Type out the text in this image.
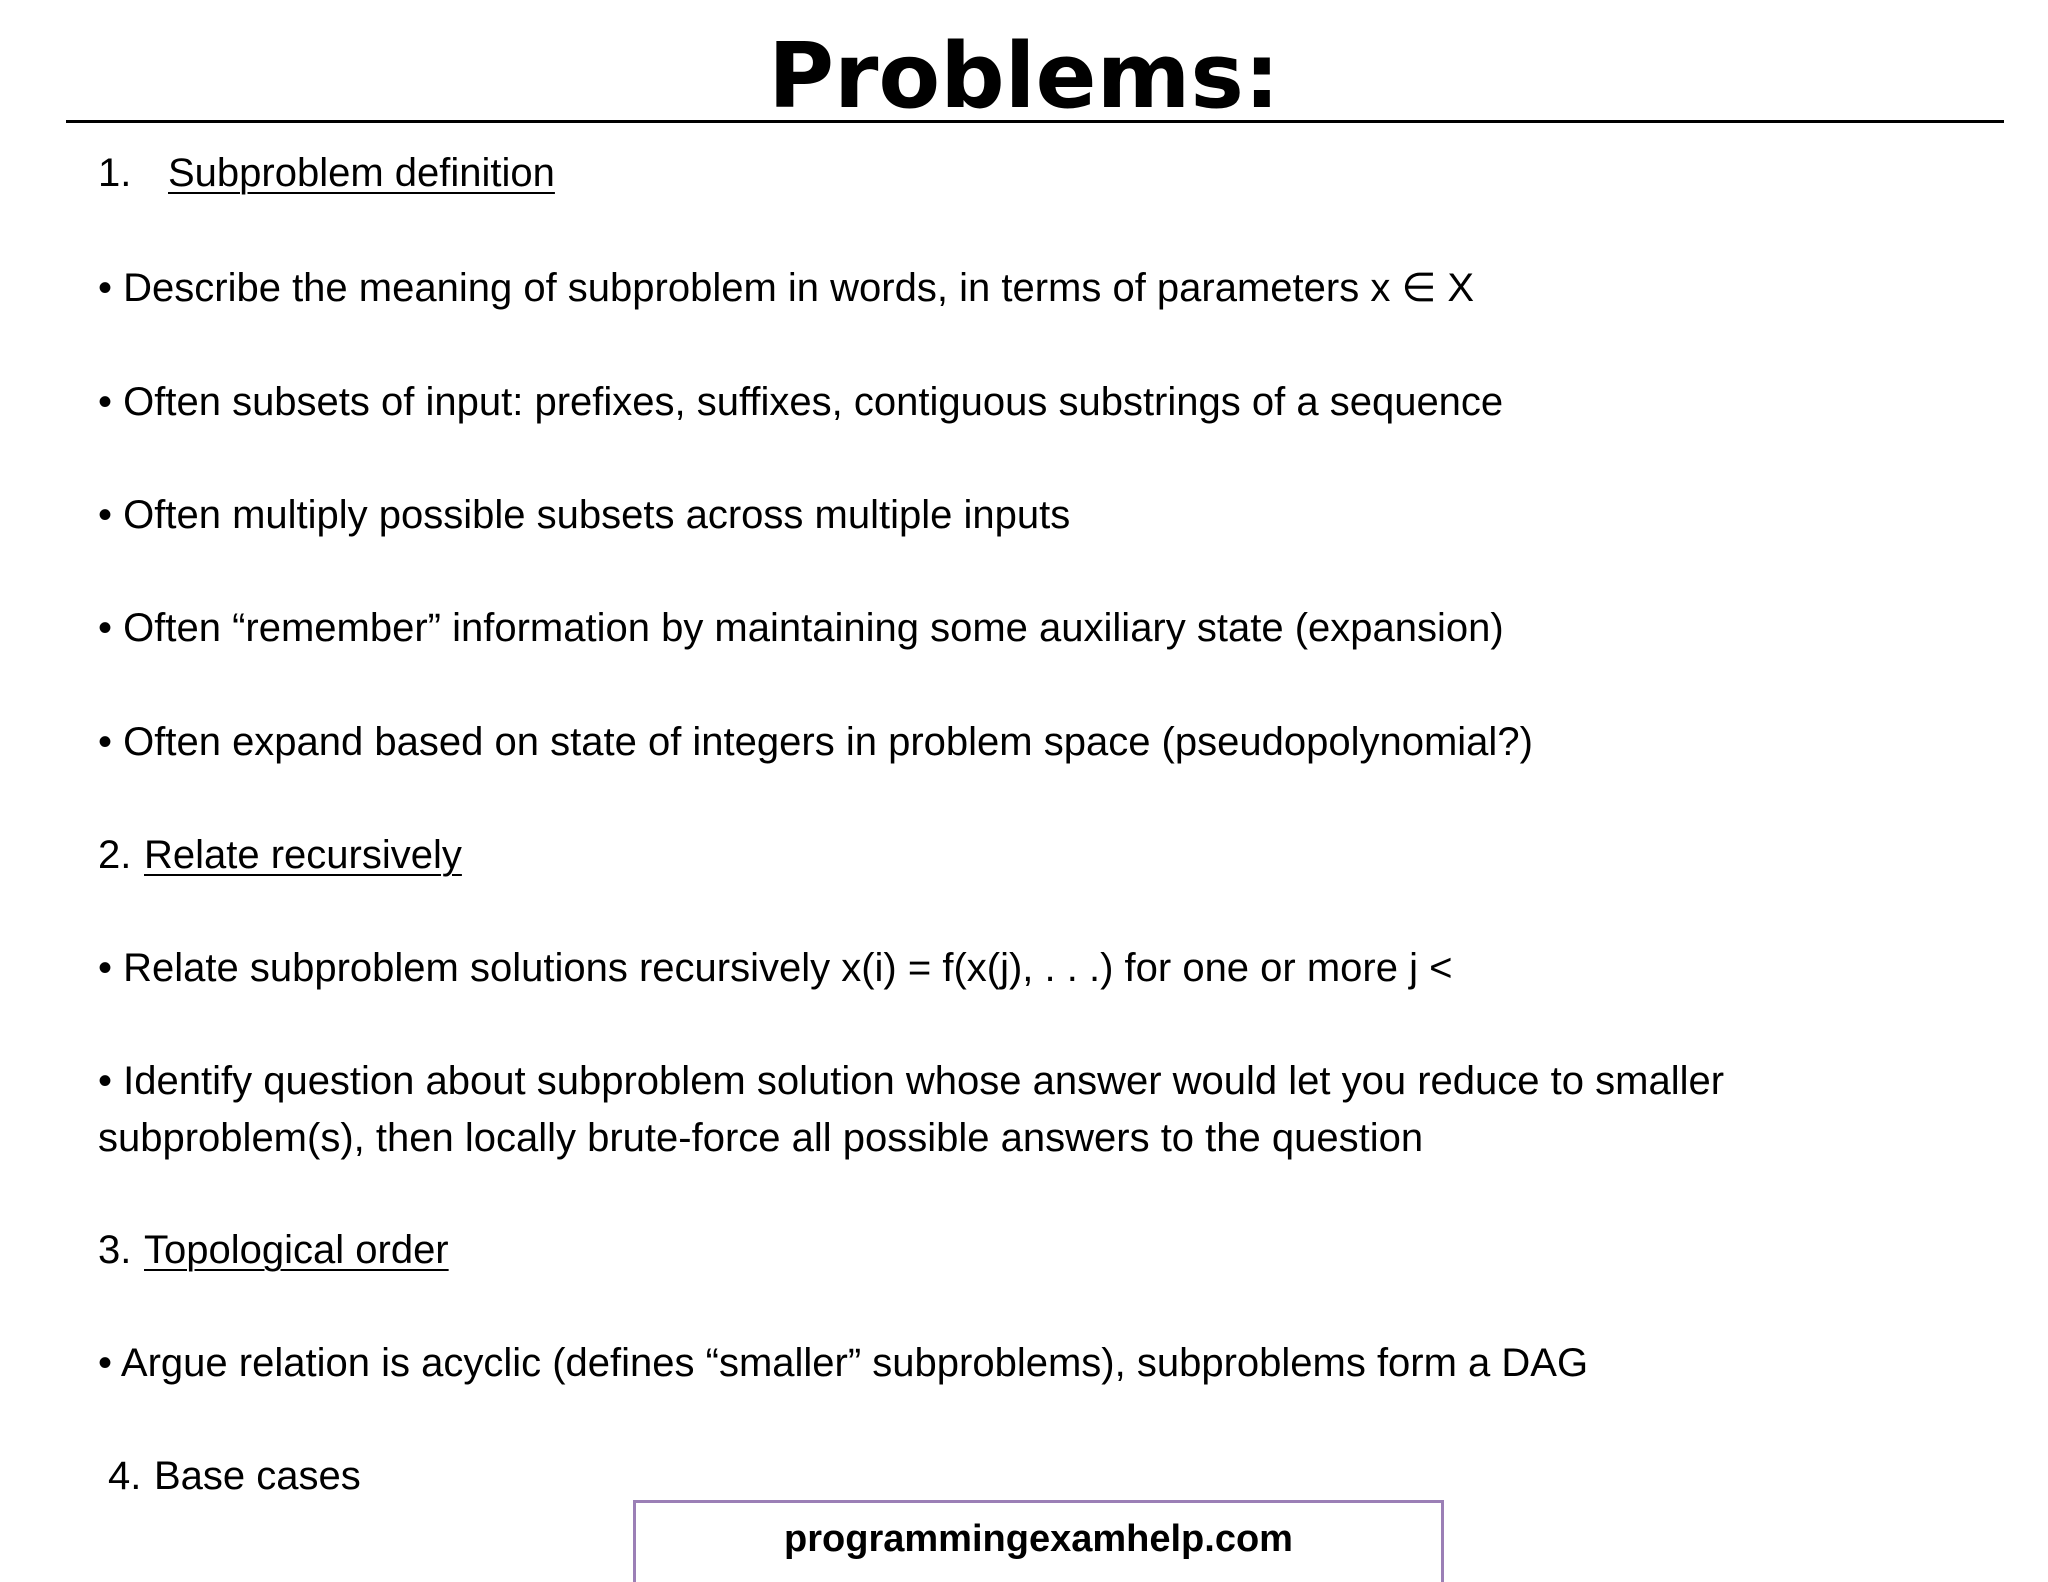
Problems:
1. Subproblem definition
• Describe the meaning of subproblem in words, in terms of parameters x ∈ X
• Often subsets of input: prefixes, suffixes, contiguous substrings of a sequence
• Often multiply possible subsets across multiple inputs
• Often “remember” information by maintaining some auxiliary state (expansion)
• Often expand based on state of integers in problem space (pseudopolynomial?)
2. Relate recursively
• Relate subproblem solutions recursively x(i) = f(x(j), . . .) for one or more j <
• Identify question about subproblem solution whose answer would let you reduce to smaller subproblem(s), then locally brute-force all possible answers to the question
3. Topological order
• Argue relation is acyclic (defines “smaller” subproblems), subproblems form a DAG
4. Base cases
programmingexamhelp.com
